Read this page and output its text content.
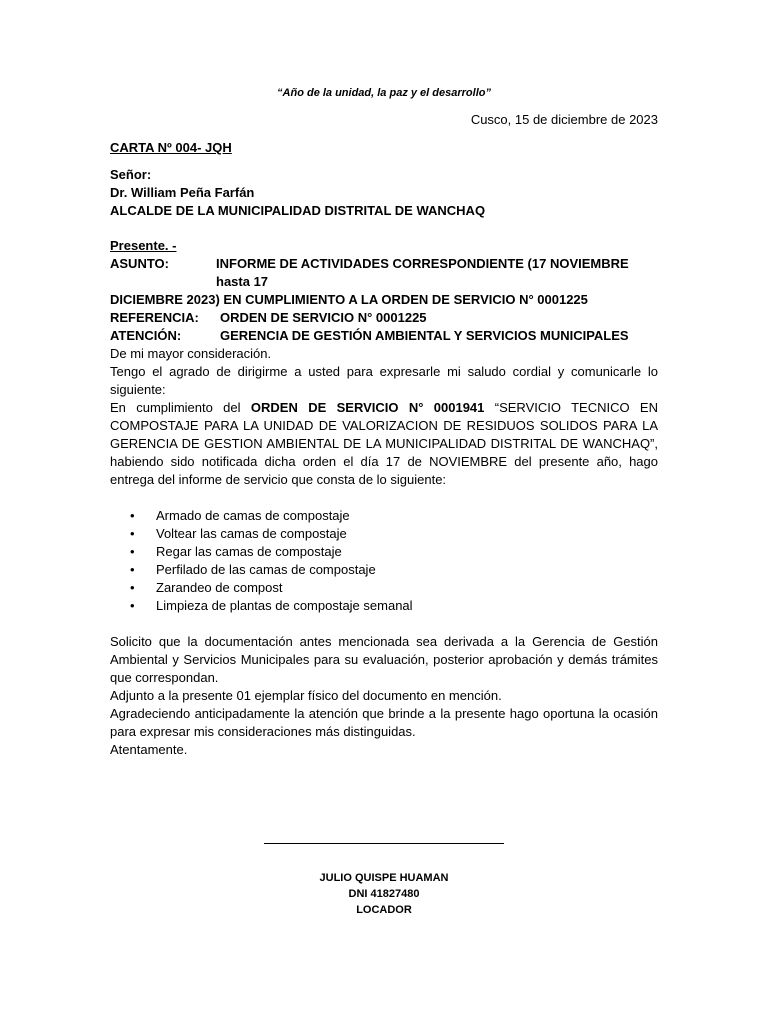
“Año de la unidad, la paz y el desarrollo”
Cusco, 15 de diciembre de 2023
CARTA Nº 004- JQH
Señor:
Dr. William Peña Farfán
ALCALDE DE LA MUNICIPALIDAD DISTRITAL DE WANCHAQ
Presente. -
ASUNTO:	INFORME DE ACTIVIDADES CORRESPONDIENTE (17 NOVIEMBRE hasta 17
DICIEMBRE 2023) EN CUMPLIMIENTO A LA ORDEN DE SERVICIO N° 0001225
REFERENCIA:	ORDEN DE SERVICIO N° 0001225
ATENCIÓN:	GERENCIA DE GESTIÓN AMBIENTAL Y SERVICIOS MUNICIPALES
De mi mayor consideración.
Tengo el agrado de dirigirme a usted para expresarle mi saludo cordial y comunicarle lo siguiente:
En cumplimiento del ORDEN DE SERVICIO N° 0001941 “SERVICIO TECNICO EN COMPOSTAJE PARA LA UNIDAD DE VALORIZACION DE RESIDUOS SOLIDOS PARA LA GERENCIA DE GESTION AMBIENTAL DE LA MUNICIPALIDAD DISTRITAL DE WANCHAQ”, habiendo sido notificada dicha orden el día 17 de NOVIEMBRE del presente año, hago entrega del informe de servicio que consta de lo siguiente:
• Armado de camas de compostaje
• Voltear las camas de compostaje
• Regar las camas de compostaje
• Perfilado de las camas de compostaje
• Zarandeo de compost
• Limpieza de plantas de compostaje semanal
Solicito que la documentación antes mencionada sea derivada a la Gerencia de Gestión Ambiental y Servicios Municipales para su evaluación, posterior aprobación y demás trámites que correspondan.
Adjunto a la presente 01 ejemplar físico del documento en mención.
Agradeciendo anticipadamente la atención que brinde a la presente hago oportuna la ocasión para expresar mis consideraciones más distinguidas.
Atentamente.
JULIO QUISPE HUAMAN
DNI 41827480
LOCADOR
